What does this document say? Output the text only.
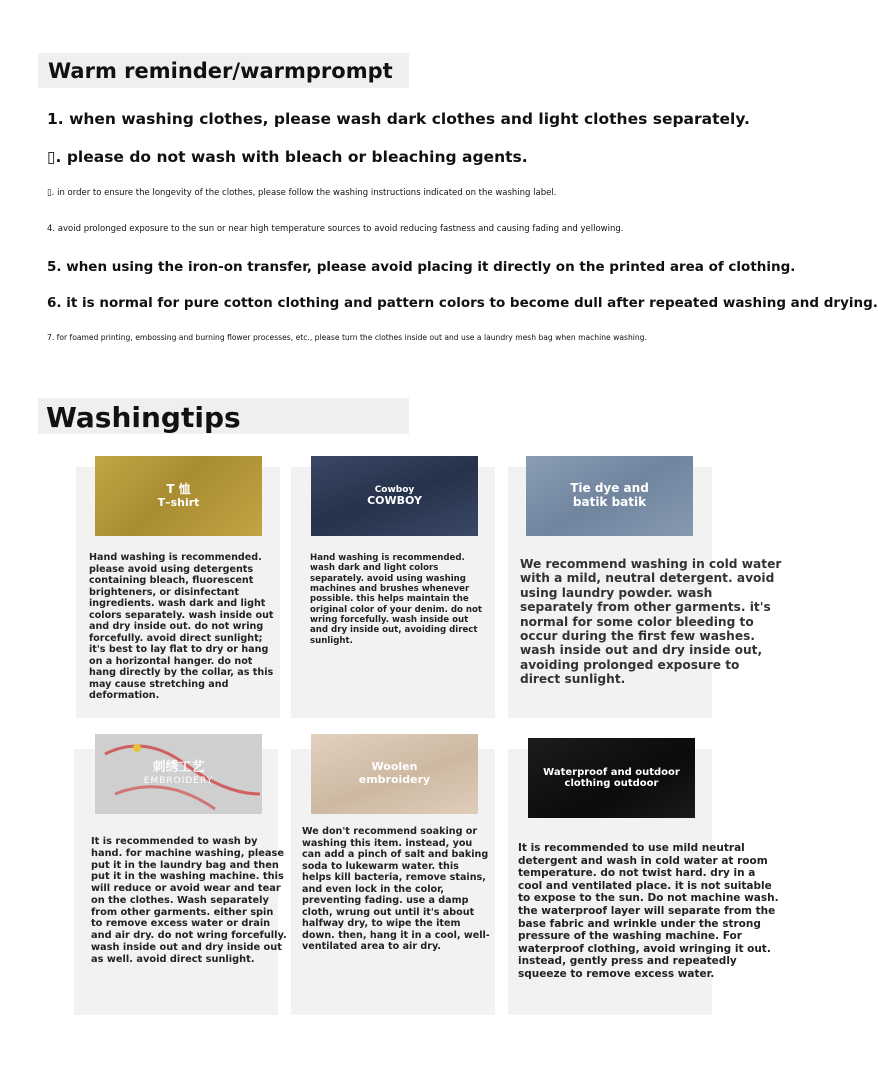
Warm reminder/warmprompt
1. when washing clothes, please wash dark clothes and light clothes separately.
▯. please do not wash with bleach or bleaching agents.
▯. in order to ensure the longevity of the clothes, please follow the washing instructions indicated on the washing label.
4. avoid prolonged exposure to the sun or near high temperature sources to avoid reducing fastness and causing fading and yellowing.
5. when using the iron-on transfer, please avoid placing it directly on the printed area of clothing.
6. it is normal for pure cotton clothing and pattern colors to become dull after repeated washing and drying.
7. for foamed printing, embossing and burning flower processes, etc., please turn the clothes inside out and use a laundry mesh bag when machine washing.
Washingtips
T 恤
T–shirt
Hand washing is recommended. please avoid using detergents containing bleach, fluorescent brighteners, or disinfectant ingredients. wash dark and light colors separately. wash inside out and dry inside out. do not wring forcefully. avoid direct sunlight; it's best to lay flat to dry or hang on a horizontal hanger. do not hang directly by the collar, as this may cause stretching and deformation.
Cowboy
COWBOY
Hand washing is recommended. wash dark and light colors separately. avoid using washing machines and brushes whenever possible. this helps maintain the original color of your denim. do not wring forcefully. wash inside out and dry inside out, avoiding direct sunlight.
Tie dye and
batik batik
We recommend washing in cold water with a mild, neutral detergent. avoid using laundry powder. wash separately from other garments. it's normal for some color bleeding to occur during the first few washes. wash inside out and dry inside out, avoiding prolonged exposure to direct sunlight.
刺绣工艺
EMBROIDERY
It is recommended to wash by hand. for machine washing, please put it in the laundry bag and then put it in the washing machine. this will reduce or avoid wear and tear on the clothes. Wash separately from other garments. either spin to remove excess water or drain and air dry. do not wring forcefully. wash inside out and dry inside out as well. avoid direct sunlight.
Woolen
embroidery
We don't recommend soaking or washing this item. instead, you can add a pinch of salt and baking soda to lukewarm water. this helps kill bacteria, remove stains, and even lock in the color, preventing fading. use a damp cloth, wrung out until it's about halfway dry, to wipe the item down. then, hang it in a cool, well-ventilated area to air dry.
Waterproof and outdoor
clothing outdoor
It is recommended to use mild neutral detergent and wash in cold water at room temperature. do not twist hard. dry in a cool and ventilated place. it is not suitable to expose to the sun. Do not machine wash. the waterproof layer will separate from the base fabric and wrinkle under the strong pressure of the washing machine. For waterproof clothing, avoid wringing it out. instead, gently press and repeatedly squeeze to remove excess water.
